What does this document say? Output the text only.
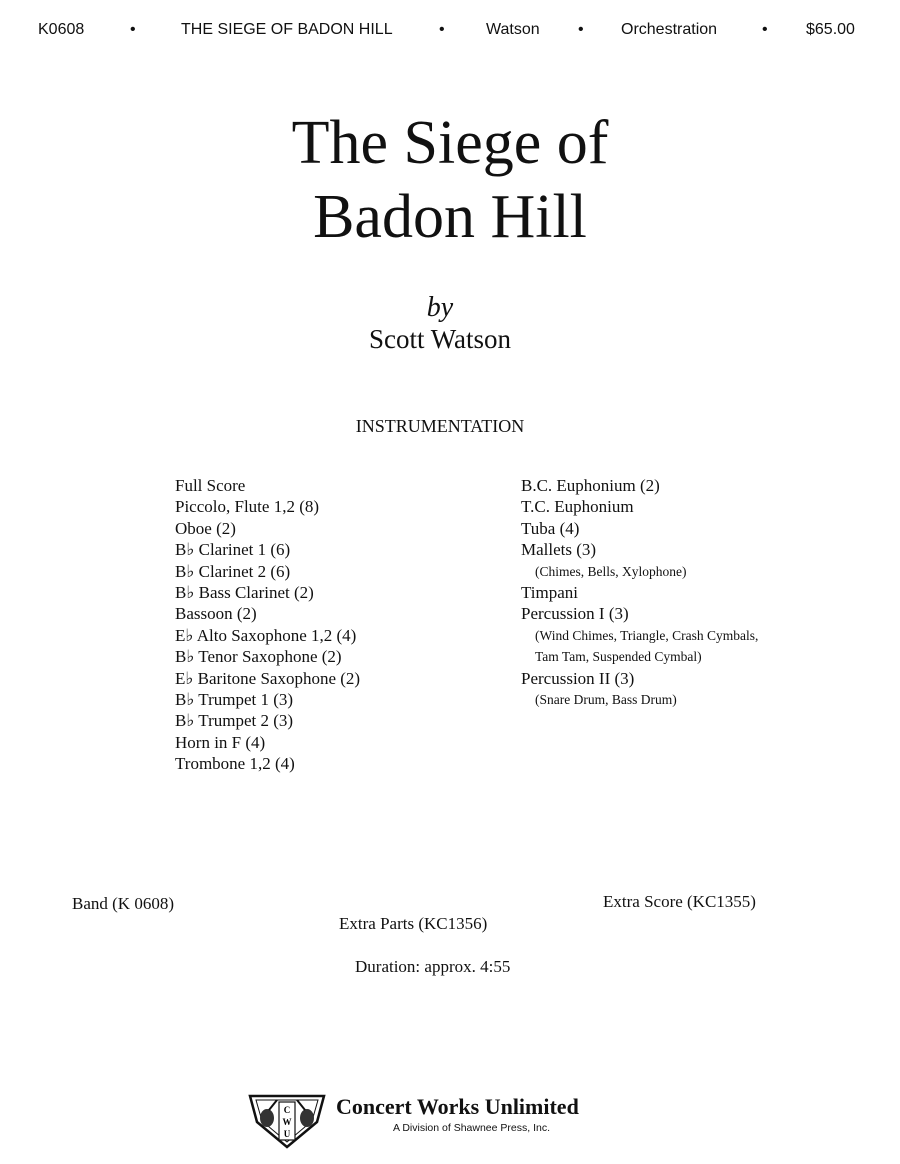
K0608	•	THE SIEGE OF BADON HILL	•	Watson • Orchestration	• $65.00
The Siege of
Badon Hill
by
Scott Watson
INSTRUMENTATION
Full Score
Piccolo, Flute 1,2 (8)
Oboe (2)
B♭ Clarinet 1 (6)
B♭ Clarinet 2 (6)
B♭ Bass Clarinet (2)
Bassoon (2)
E♭ Alto Saxophone 1,2 (4)
B♭ Tenor Saxophone (2)
E♭ Baritone Saxophone (2)
B♭ Trumpet 1 (3)
B♭ Trumpet 2 (3)
Horn in F (4)
Trombone 1,2 (4)
B.C. Euphonium (2)
T.C. Euphonium
Tuba (4)
Mallets (3)
(Chimes, Bells, Xylophone)
Timpani
Percussion I (3)
(Wind Chimes, Triangle, Crash Cymbals,
Tam Tam, Suspended Cymbal)
Percussion II (3)
(Snare Drum, Bass Drum)
Band (K 0608)
Extra Parts (KC1356)
Extra Score (KC1355)
Duration: approx. 4:55
C
W
U
Concert Works Unlimited
A Division of Shawnee Press, Inc.
